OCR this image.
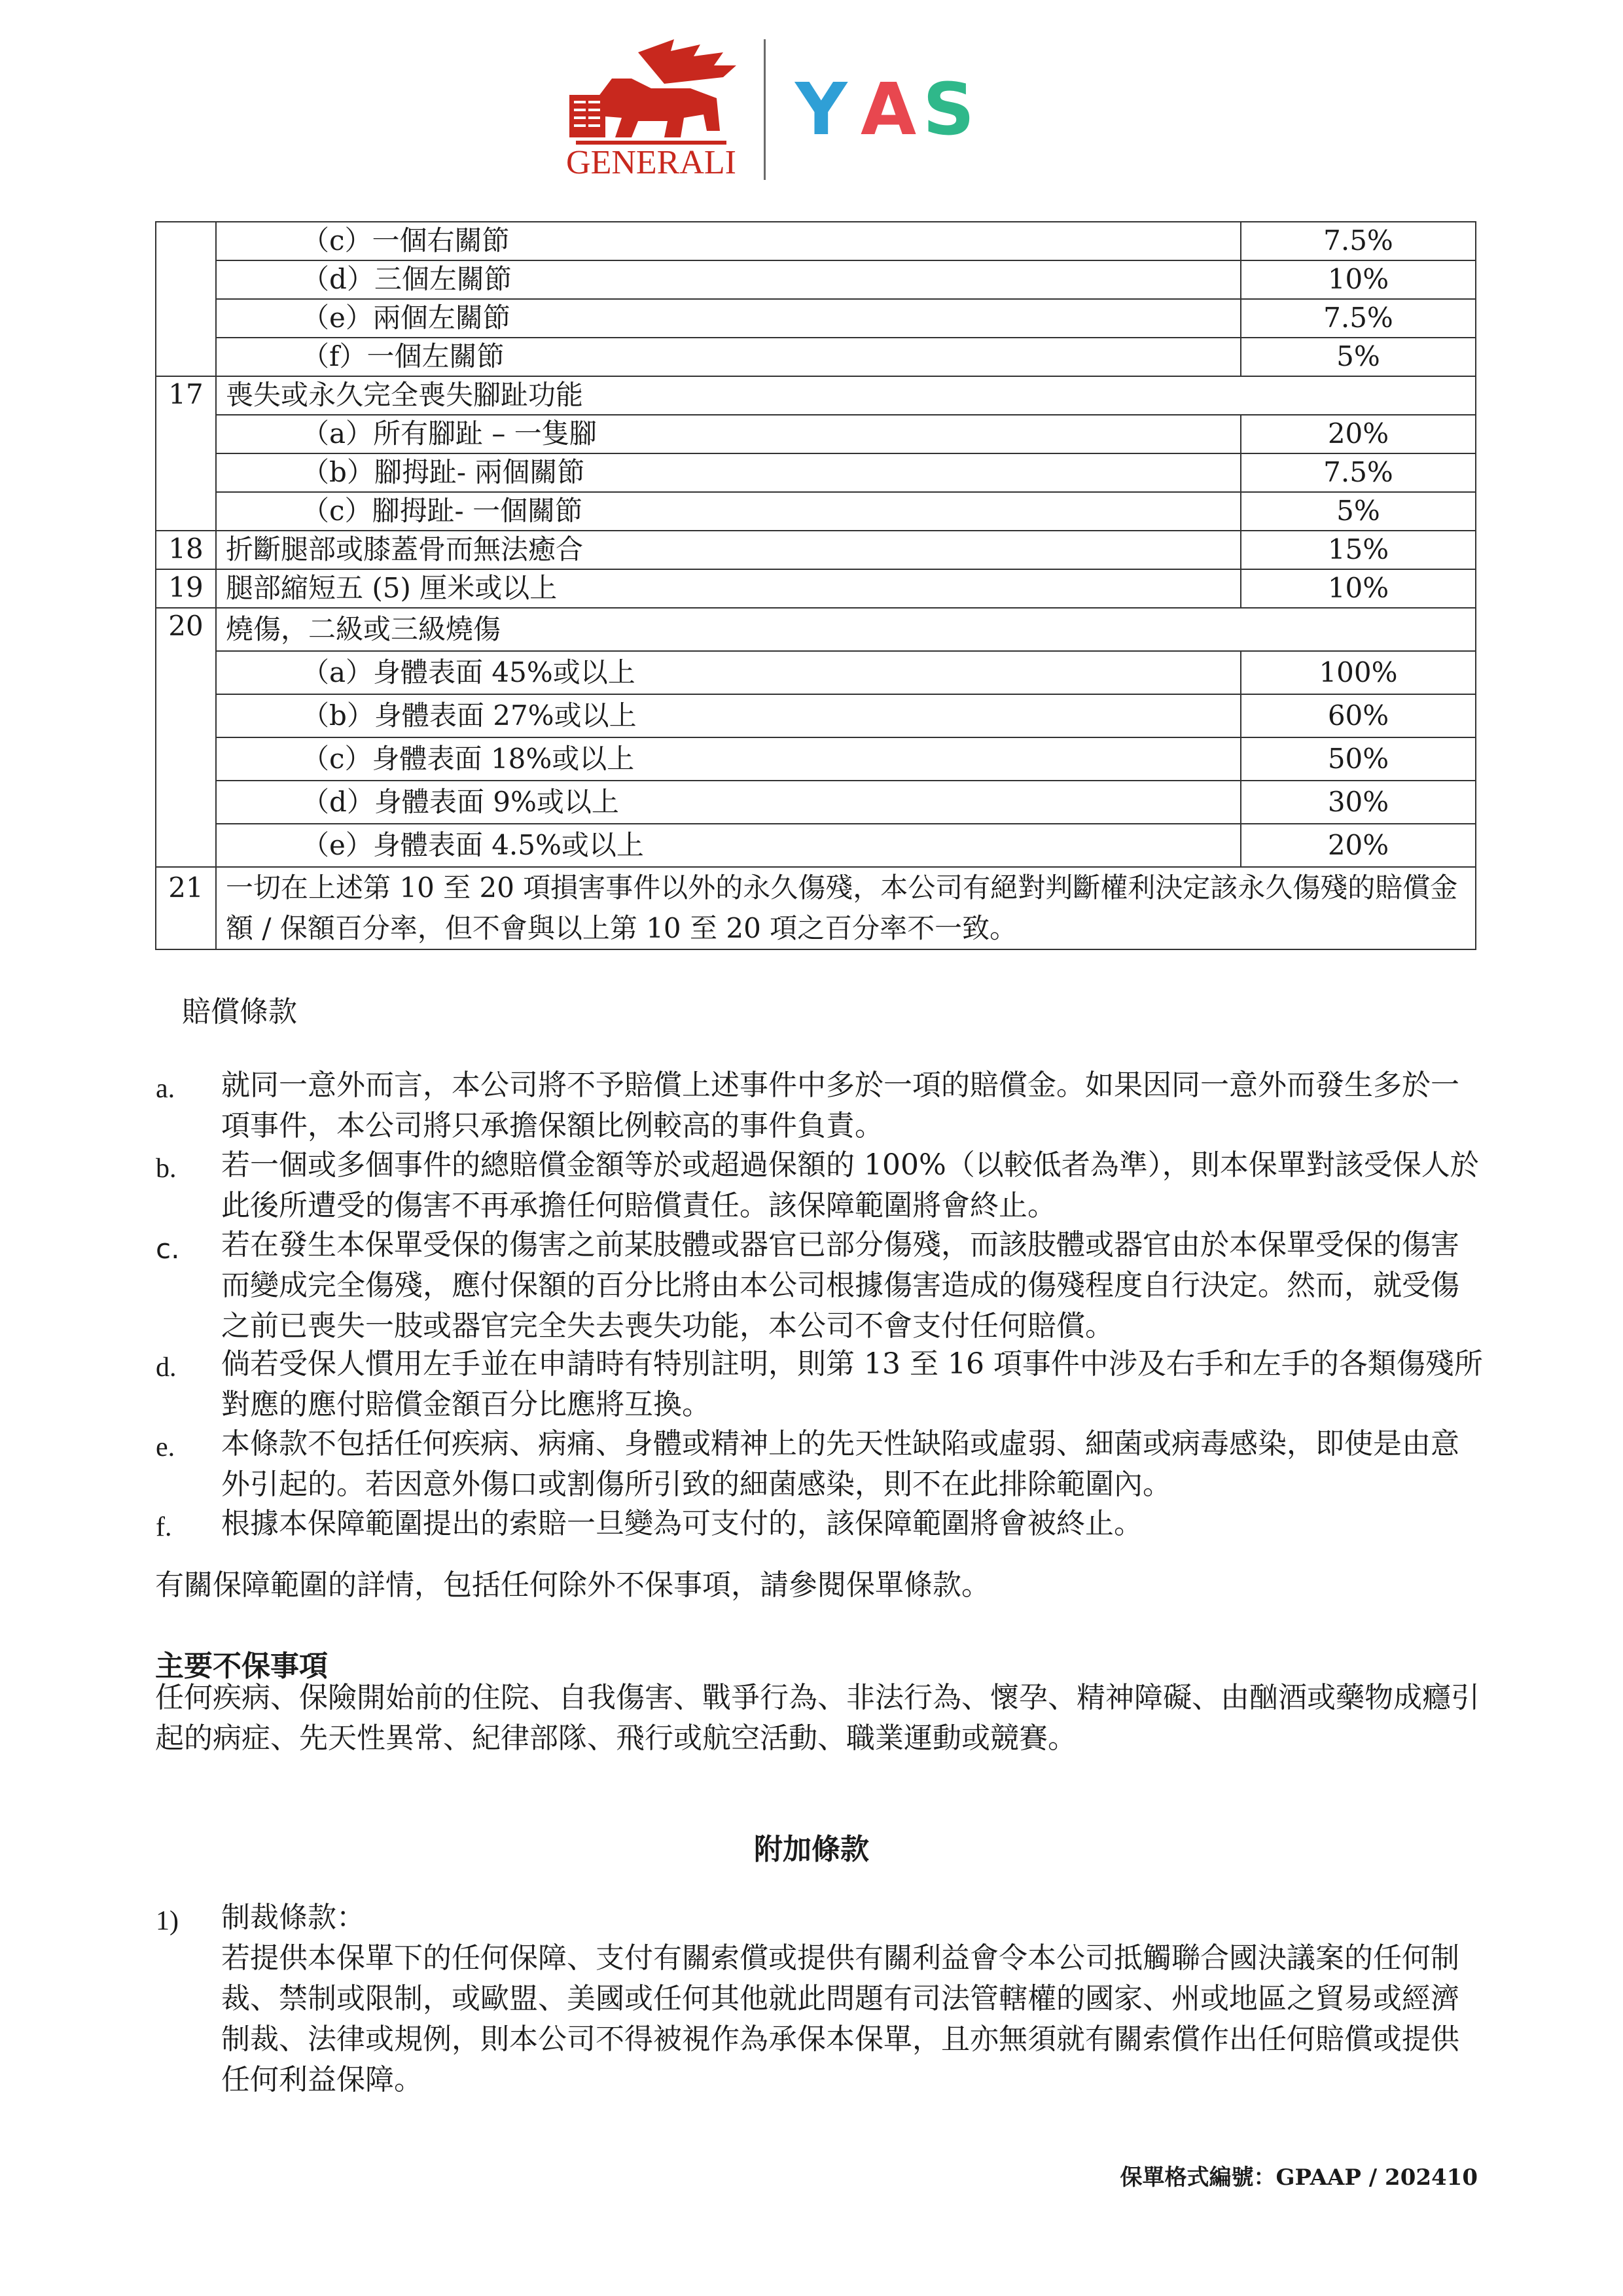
GENERALI
Y A S
	（c）一個右關節	7.5%
	（d）三個左關節	10%
	（e）兩個左關節	7.5%
	（f）一個左關節	5%
17	喪失或永久完全喪失腳趾功能	
	（a）所有腳趾 – 一隻腳	20%
	（b）腳拇趾- 兩個關節	7.5%
	（c）腳拇趾- 一個關節	5%
18	折斷腿部或膝蓋骨而無法癒合	15%
19	腿部縮短五 (5) 厘米或以上	10%
20	燒傷，二級或三級燒傷	
	（a）身體表面 45%或以上	100%
	（b）身體表面 27%或以上	60%
	（c）身體表面 18%或以上	50%
	（d）身體表面 9%或以上	30%
	（e）身體表面 4.5%或以上	20%
21	一切在上述第 10 至 20 項損害事件以外的永久傷殘，本公司有絕對判斷權利決定該永久傷殘的賠償金額 / 保額百分率，但不會與以上第 10 至 20 項之百分率不一致。	
賠償條款
a. 就同一意外而言，本公司將不予賠償上述事件中多於一項的賠償金。如果因同一意外而發生多於一項事件，本公司將只承擔保額比例較高的事件負責。
b. 若一個或多個事件的總賠償金額等於或超過保額的 100%（以較低者為準），則本保單對該受保人於此後所遭受的傷害不再承擔任何賠償責任。該保障範圍將會終止。
c. 若在發生本保單受保的傷害之前某肢體或器官已部分傷殘，而該肢體或器官由於本保單受保的傷害而變成完全傷殘，應付保額的百分比將由本公司根據傷害造成的傷殘程度自行決定。然而，就受傷之前已喪失一肢或器官完全失去喪失功能，本公司不會支付任何賠償。
d. 倘若受保人慣用左手並在申請時有特別註明，則第 13 至 16 項事件中涉及右手和左手的各類傷殘所對應的應付賠償金額百分比應將互換。
e. 本條款不包括任何疾病、病痛、身體或精神上的先天性缺陷或虛弱、細菌或病毒感染，即使是由意外引起的。若因意外傷口或割傷所引致的細菌感染，則不在此排除範圍內。
f. 根據本保障範圍提出的索賠一旦變為可支付的，該保障範圍將會被終止。
有關保障範圍的詳情，包括任何除外不保事項，請參閱保單條款。
主要不保事項
任何疾病、保險開始前的住院、自我傷害、戰爭行為、非法行為、懷孕、精神障礙、由酗酒或藥物成癮引起的病症、先天性異常、紀律部隊、飛行或航空活動、職業運動或競賽。
附加條款
1) 制裁條款：
若提供本保單下的任何保障、支付有關索償或提供有關利益會令本公司抵觸聯合國決議案的任何制裁、禁制或限制，或歐盟、美國或任何其他就此問題有司法管轄權的國家、州或地區之貿易或經濟制裁、法律或規例，則本公司不得被視作為承保本保單，且亦無須就有關索償作出任何賠償或提供任何利益保障。
保單格式編號：GPAAP / 202410
